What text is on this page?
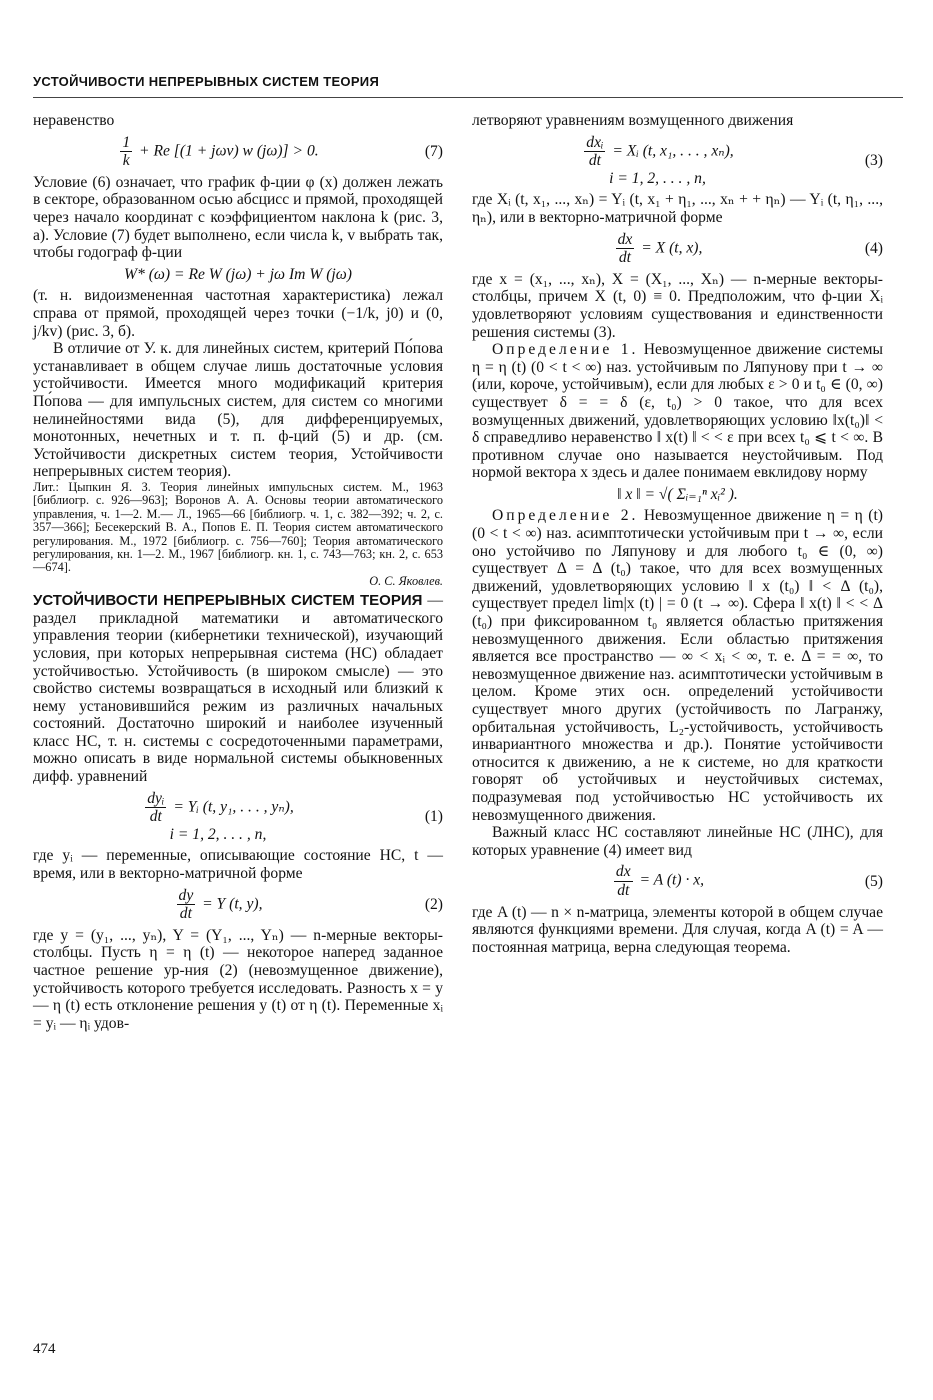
УСТОЙЧИВОСТИ НЕПРЕРЫВНЫХ СИСТЕМ ТЕОРИЯ

неравенство

$\frac{1}{k} + Re$ [(1 + jωv) w (jω)] > 0.	(7)

Условие (6) означает, что график ф-ции φ (x) должен лежать в секторе, образованном осью абсцисс и прямой, проходящей через начало координат с коэффициентом наклона k (рис. 3, а). Условие (7) будет выполнено, если числа k, v выбрать так, чтобы годограф ф-ции

W* (ω) = Re W (jω) + jω Im W (jω)

(т. н. видоизмененная частотная характеристика) лежал справа от прямой, проходящей через точки (−1/k, j0) и (0, j/kv) (рис. 3, б).

В отличие от У. к. для линейных систем, критерий По́пова устанавливает в общем случае лишь достаточные условия устойчивости. Имеется много модификаций критерия По́пова — для импульсных систем, для систем со многими нелинейностями вида (5), для дифференцируемых, монотонных, нечетных и т. п. ф-ций (5) и др. (см. Устойчивости дискретных систем теория, Устойчивости непрерывных систем теория).

Лит.: Цыпкин Я. З. Теория линейных импульсных систем. М., 1963 [библиогр. с. 926—963]; Воронов А. А. Основы теории автоматического управления, ч. 1—2. М.— Л., 1965—66 [библиогр. ч. 1, с. 382—392; ч. 2, с. 357—366]; Бесекерский В. А., Попов Е. П. Теория систем автоматического регулирования. М., 1972 [библиогр. с. 756—760]; Теория автоматического регулирования, кн. 1—2. М., 1967 [библиогр. кн. 1, с. 743—763; кн. 2, с. 653—674].

О. С. Яковлев.

УСТОЙЧИВОСТИ НЕПРЕРЫВНЫХ СИСТЕМ ТЕОРИЯ — раздел прикладной математики и автоматического управления теории (кибернетики технической), изучающий условия, при которых непрерывная система (НС) обладает устойчивостью. Устойчивость (в широком смысле) — это свойство системы возвращаться в исходный или близкий к нему установившийся режим из различных начальных состояний. Достаточно широкий и наиболее изученный класс НС, т. н. системы с сосредоточенными параметрами, можно описать в виде нормальной системы обыкновенных дифф. уравнений

$\frac{\text{dyᵢ}}{dt}$ = Yᵢ (t, y₁, . . . , yₙ),
i = 1, 2, . . . , n,
(1)

где yᵢ — переменные, описывающие состояние НС, t — время, или в векторно-матричной форме

$\frac{dy}{dt} = Y$ (t, y),	(2)

где y = (y₁, ..., yₙ), Y = (Y₁, ..., Yₙ) — n-мерные векторы-столбцы. Пусть η = η (t) — некоторое наперед заданное частное решение ур-ния (2) (невозмущенное движение), устойчивость которого требуется исследовать. Разность x = y — η (t) есть отклонение решения y (t) от η (t). Переменные xᵢ = yᵢ — ηᵢ удов-

летворяют уравнениям возмущенного движения

$\frac{\text{dxᵢ}}{dt}$ = Xᵢ (t, x₁, . . . , xₙ),
i = 1, 2, . . . , n,
(3)

где Xᵢ (t, x₁, ..., xₙ) = Yᵢ (t, x₁ + η₁, ..., xₙ + + ηₙ) — Yᵢ (t, η₁, ..., ηₙ), или в векторно-матричной форме

$\frac{dx}{dt} = X$ (t, x),	(4)

где x = (x₁, ..., xₙ), X = (X₁, ..., Xₙ) — n-мерные векторы-столбцы, причем X (t, 0) ≡ 0. Предположим, что ф-ции Xᵢ удовлетворяют условиям существования и единственности решения системы (3).

Определение 1. Невозмущенное движение системы η = η (t) (0 < t < ∞) наз. устойчивым по Ляпунову при t → ∞ (или, короче, устойчивым), если для любых ε > 0 и t₀ ∈ (0, ∞) существует δ = = δ (ε, t₀) > 0 такое, что для всех возмущенных движений, удовлетворяющих условию ‖x(t₀)‖ < δ справедливо неравенство ‖ x(t) ‖ < < ε при всех t₀ ⩽ t < ∞. В противном случае оно называется неустойчивым. Под нормой вектора x здесь и далее понимаем евклидову норму

‖ x ‖ = √( Σᵢ₌₁ⁿ xᵢ² ).

Определение 2. Невозмущенное движение η = η (t) (0 < t < ∞) наз. асимптотически устойчивым при t → ∞, если оно устойчиво по Ляпунову и для любого t₀ ∈ (0, ∞) существует Δ = Δ (t₀) такое, что для всех возмущенных движений, удовлетворяющих условию ‖ x (t₀) ‖ < Δ (t₀), существует предел lim|x (t) | = 0 (t → ∞). Сфера ‖ x(t) ‖ < < Δ (t₀) при фиксированном t₀ является областью притяжения невозмущенного движения. Если областью притяжения является все пространство — ∞ < xᵢ < ∞, т. е. Δ = = ∞, то невозмущенное движение наз. асимптотически устойчивым в целом. Кроме этих осн. определений устойчивости существует много других (устойчивость по Лагранжу, орбитальная устойчивость, L₂-устойчивость, устойчивость инвариантного множества и др.). Понятие устойчивости относится к движению, а не к системе, но для краткости говорят об устойчивых и неустойчивых системах, подразумевая под устойчивостью НС устойчивость их невозмущенного движения.

Важный класс НС составляют линейные НС (ЛНС), для которых уравнение (4) имеет вид

$\frac{dx}{dt} = A$ (t) · x,	(5)

где A (t) — n × n-матрица, элементы которой в общем случае являются функциями времени. Для случая, когда A (t) = A — постоянная матрица, верна следующая теорема.

474
